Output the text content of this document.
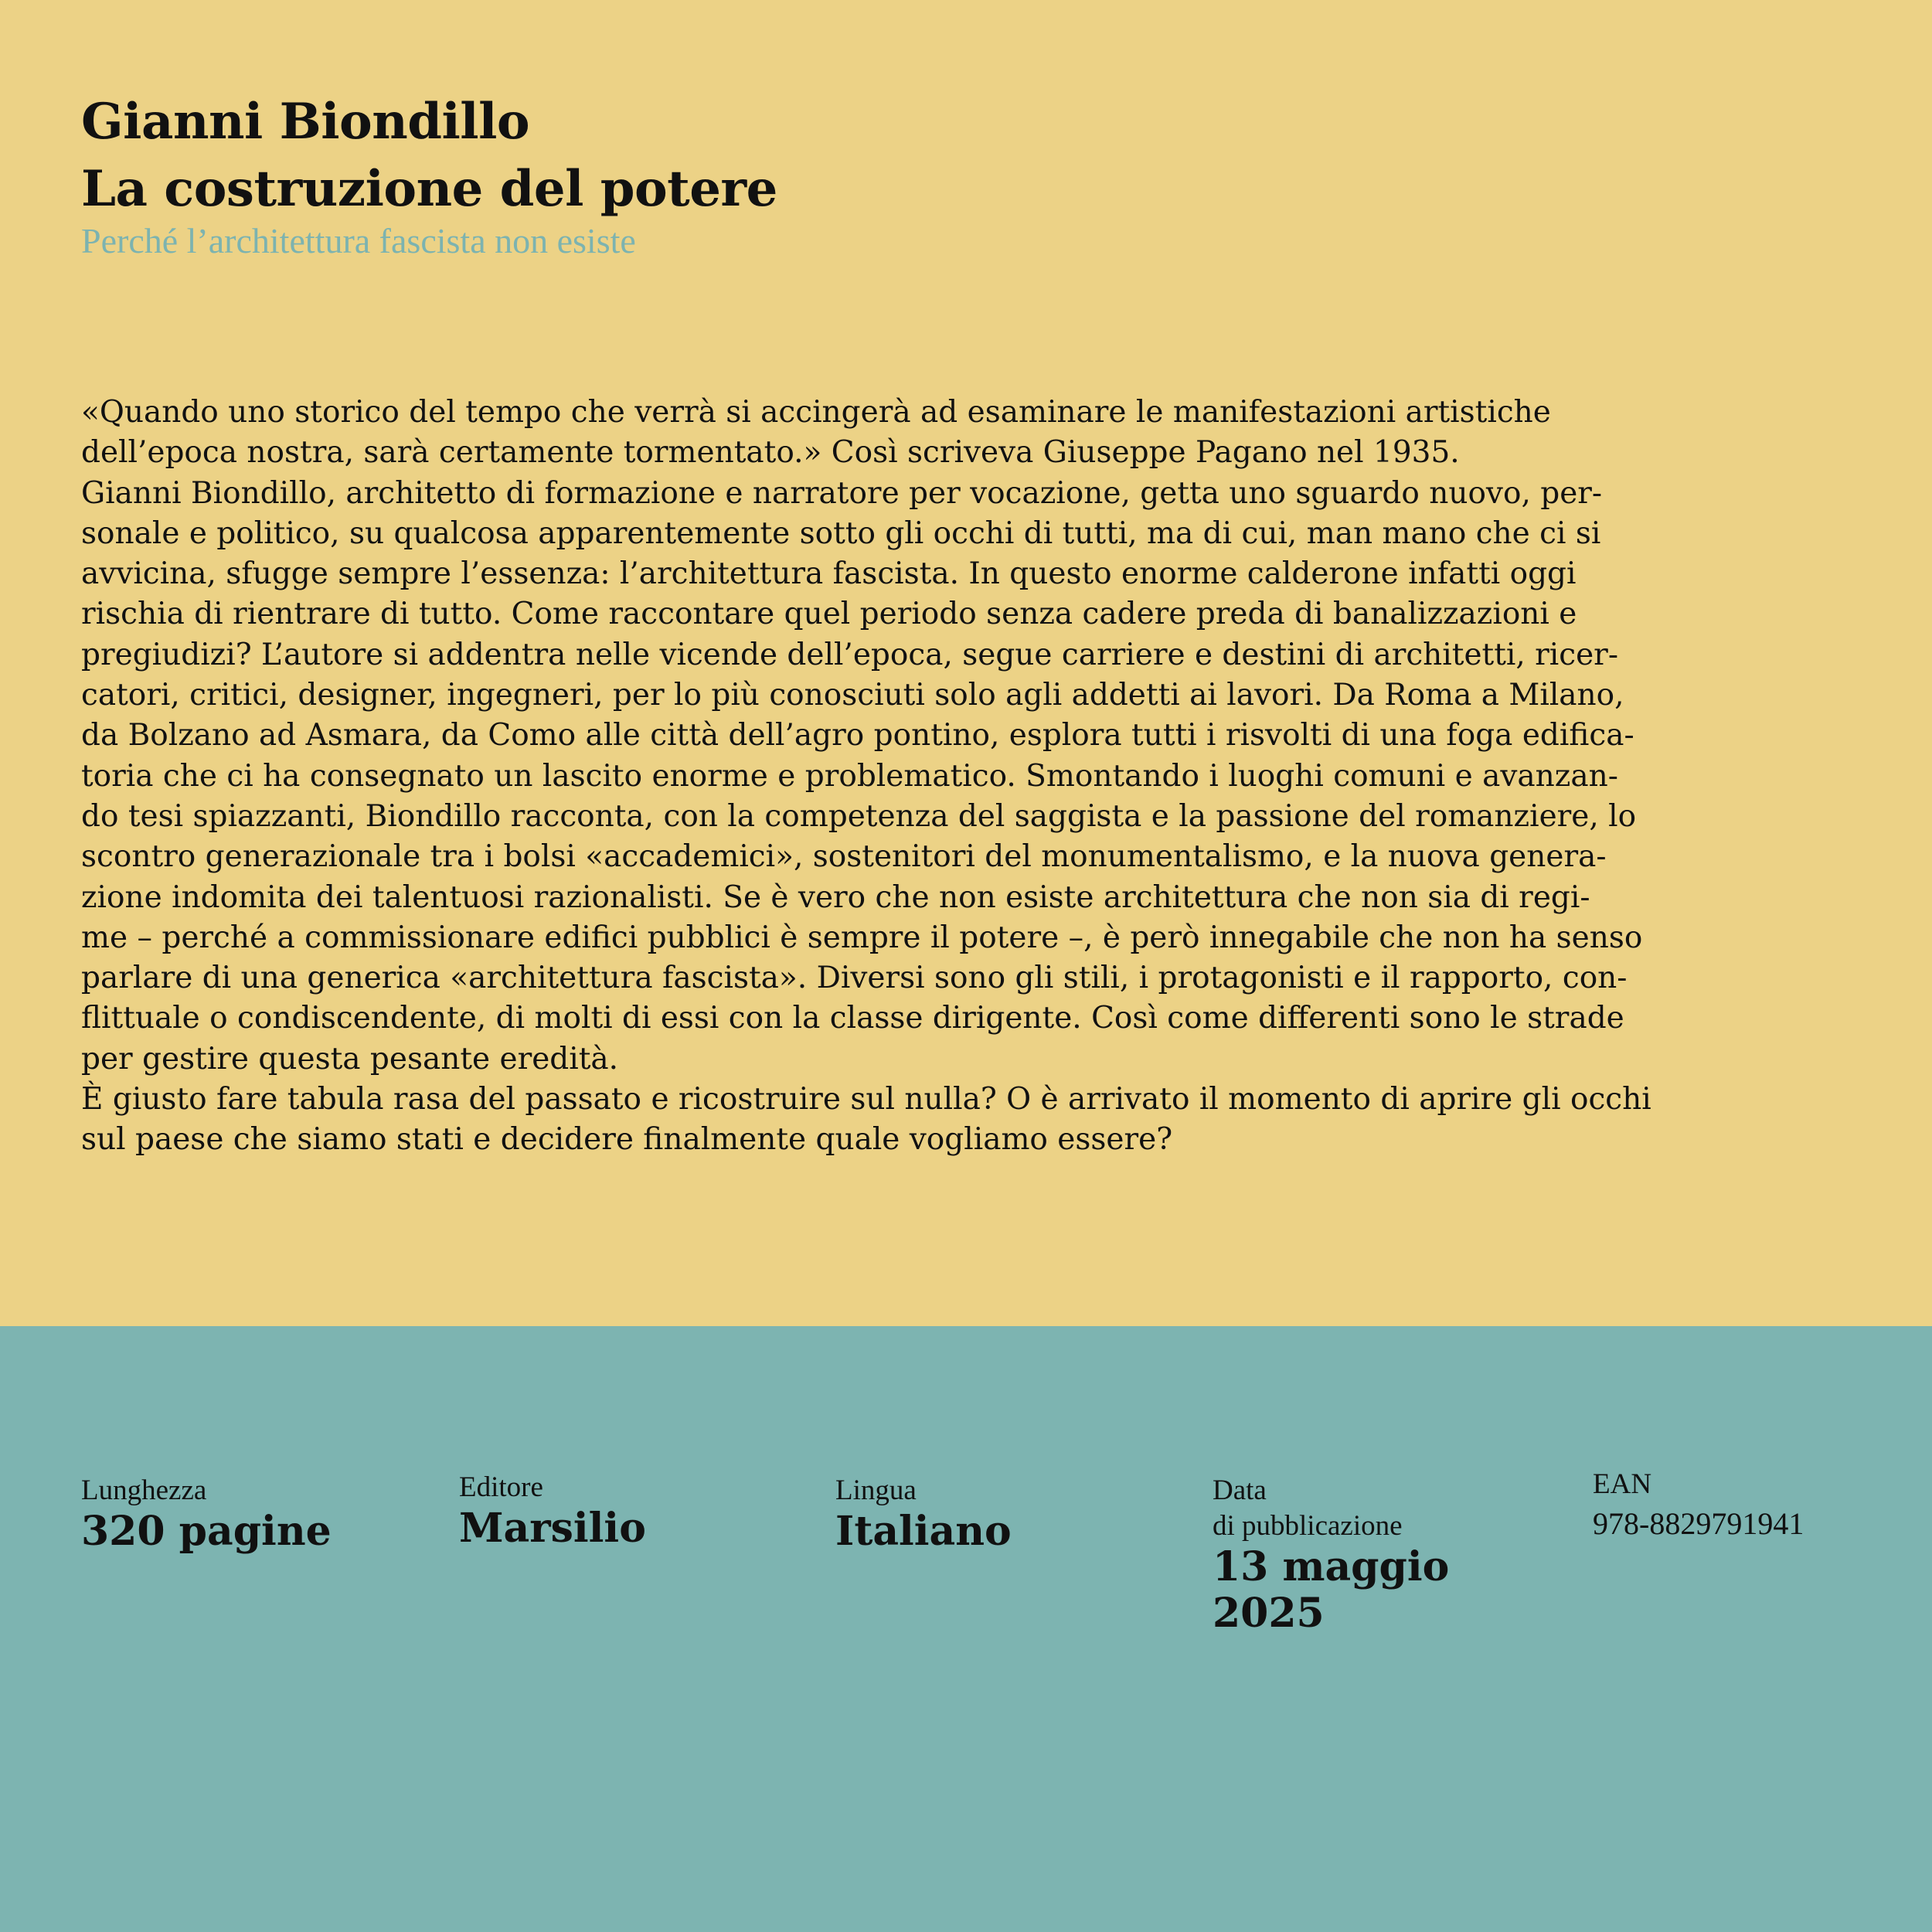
Gianni Biondillo
La costruzione del potere

Perché l’architettura fascista non esiste

«Quando uno storico del tempo che verrà si accingerà ad esaminare le manifestazioni artistiche
dell’epoca nostra, sarà certamente tormentato.» Così scriveva Giuseppe Pagano nel 1935.
Gianni Biondillo, architetto di formazione e narratore per vocazione, getta uno sguardo nuovo, per-
sonale e politico, su qualcosa apparentemente sotto gli occhi di tutti, ma di cui, man mano che ci si
avvicina, sfugge sempre l’essenza: l’architettura fascista. In questo enorme calderone infatti oggi
rischia di rientrare di tutto. Come raccontare quel periodo senza cadere preda di banalizzazioni e
pregiudizi? L’autore si addentra nelle vicende dell’epoca, segue carriere e destini di architetti, ricer-
catori, critici, designer, ingegneri, per lo più conosciuti solo agli addetti ai lavori. Da Roma a Milano,
da Bolzano ad Asmara, da Como alle città dell’agro pontino, esplora tutti i risvolti di una foga edifica-
toria che ci ha consegnato un lascito enorme e problematico. Smontando i luoghi comuni e avanzan-
do tesi spiazzanti, Biondillo racconta, con la competenza del saggista e la passione del romanziere, lo
scontro generazionale tra i bolsi «accademici», sostenitori del monumentalismo, e la nuova genera-
zione indomita dei talentuosi razionalisti. Se è vero che non esiste architettura che non sia di regi-
me – perché a commissionare edifici pubblici è sempre il potere –, è però innegabile che non ha senso
parlare di una generica «architettura fascista». Diversi sono gli stili, i protagonisti e il rapporto, con-
flittuale o condiscendente, di molti di essi con la classe dirigente. Così come differenti sono le strade
per gestire questa pesante eredità.
È giusto fare tabula rasa del passato e ricostruire sul nulla? O è arrivato il momento di aprire gli occhi
sul paese che siamo stati e decidere finalmente quale vogliamo essere?
Lunghezza
320 pagine
Editore
Marsilio
Lingua
Italiano
Data
di pubblicazione
13 maggio
2025
EAN
978-8829791941
